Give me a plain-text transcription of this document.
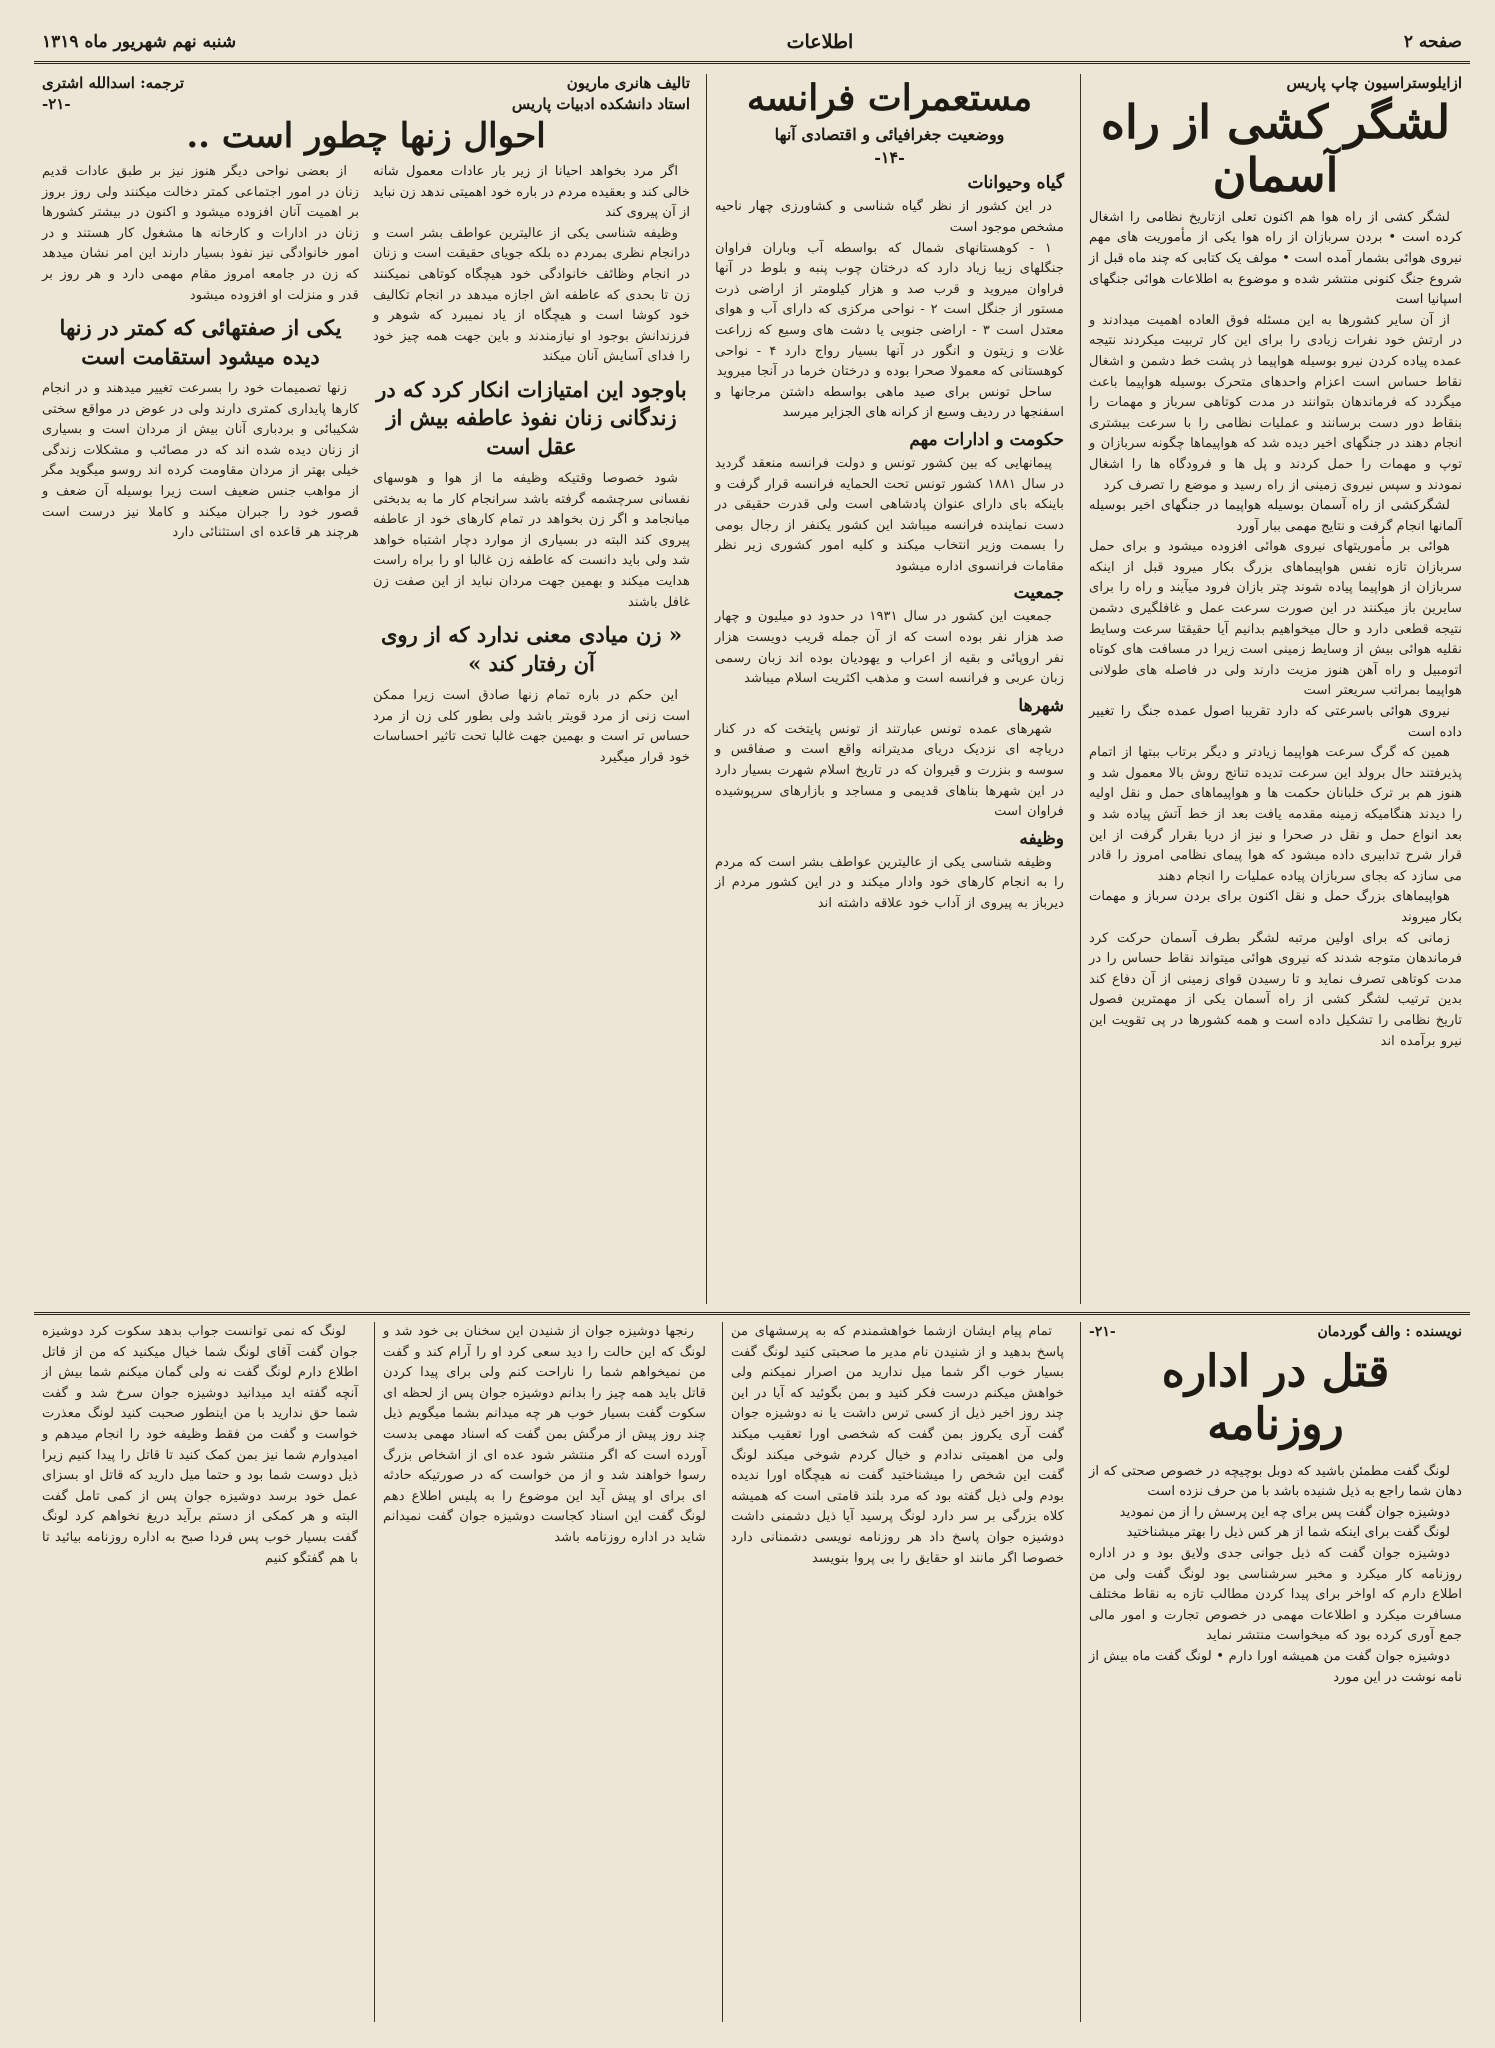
صفحه ۲
اطلاعات
شنبه نهم شهریور ماه ۱۳۱۹
ازایلوستراسیون چاپ پاریس
لشگر کشی از راه آسمان

لشگر کشی از راه هوا هم اکنون تعلی ازتاریخ نظامی را اشغال کرده است • بردن سربازان از راه هوا یکی از مأموریت های مهم نیروی هوائی بشمار آمده است • مولف یک کتابی که چند ماه قبل از شروع جنگ کنونی منتشر شده و موضوع به اطلاعات هوائی جنگهای اسپانیا است

از آن سایر کشورها به این مسئله فوق العاده اهمیت میدادند و در ارتش خود نفرات زیادی را برای این کار تربیت میکردند نتیجه عمده پیاده کردن نیرو بوسیله هواپیما ذر پشت خط دشمن و اشغال نقاط حساس است اعزام واحدهای متحرک بوسیله هواپیما باعث میگردد که فرماندهان بتوانند در مدت کوتاهی سرباز و مهمات را بنقاط دور دست برسانند و عملیات نظامی را با سرعت بیشتری انجام دهند در جنگهای اخیر دیده شد که هواپیماها چگونه سربازان و توپ و مهمات را حمل کردند و پل ها و فرودگاه ها را اشغال نمودند و سپس نیروی زمینی از راه رسید و موضع را تصرف کرد

لشگرکشی از راه آسمان بوسیله هواپیما در جنگهای اخیر بوسیله آلمانها انجام گرفت و نتایج مهمی ببار آورد

هوائی بر مأموریتهای نیروی هوائی افزوده میشود و برای حمل سربازان تازه نفس هواپیماهای بزرگ بکار میرود قبل از اینکه سربازان از هواپیما پیاده شوند چتر بازان فرود میآیند و راه را برای سایرین باز میکنند در این صورت سرعت عمل و غافلگیری دشمن نتیجه قطعی دارد و حال میخواهیم بدانیم آیا حقیقتا سرعت وسایط نقلیه هوائی بیش از وسایط زمینی است زیرا در مسافت های کوتاه اتومبیل و راه آهن هنوز مزیت دارند ولی در فاصله های طولانی هواپیما بمراتب سریعتر است

نیروی هوائی باسرعتی که دارد تقریبا اصول عمده جنگ را تغییر داده است

همین که گرگ سرعت هواپیما زیادتر و دیگر برتاب ببتها از اتمام پذیرفتند حال برولد این سرعت تدیده تناتج روش بالا معمول شد و هنوز هم بر ترک خلبانان حکمت ها و هواپیماهای حمل و نقل اولیه را دیدند هنگامیکه زمینه مقدمه یافت بعد از خط آتش پیاده شد و بعد انواع حمل و نقل در صحرا و نیز از دریا بقرار گرفت از این قرار شرح تدابیری داده میشود که هوا پیمای نظامی امروز را قادر می سازد که بجای سربازان پیاده عملیات را انجام دهند

هواپیماهای بزرگ حمل و نقل اکنون برای بردن سرباز و مهمات بکار میروند

زمانی که برای اولین مرتبه لشگر بطرف آسمان حرکت کرد فرماندهان متوجه شدند که نیروی هوائی میتواند نقاط حساس را در مدت کوتاهی تصرف نماید و تا رسیدن قوای زمینی از آن دفاع کند بدین ترتیب لشگر کشی از راه آسمان یکی از مهمترین فصول تاریخ نظامی را تشکیل داده است و همه کشورها در پی تقویت این نیرو برآمده اند
مستعمرات فرانسه
ووضعیت جغرافیائی و اقتصادی آنها
-۱۴-
گیاه وحیوانات

در این کشور از نظر گیاه شناسی و کشاورزی چهار ناحیه مشخص موجود است

۱ - کوهستانهای شمال که بواسطه آب وباران فراوان جنگلهای زیبا زیاد دارد که درختان چوب پنبه و بلوط در آنها فراوان میروید و قرب صد و هزار کیلومتر از اراضی ذرت مستور از جنگل است ۲ - نواحی مرکزی که دارای آب و هوای معتدل است ۳ - اراضی جنوبی یا دشت های وسیع که زراعت غلات و زیتون و انگور در آنها بسیار رواج دارد ۴ - نواحی کوهستانی که معمولا صحرا بوده و درختان خرما در آنجا میروید

ساحل تونس برای صید ماهی بواسطه داشتن مرجانها و اسفنجها در ردیف وسیع از کرانه های الجزایر میرسد

حکومت و ادارات مهم
پیمانهایی که بین کشور تونس و دولت فرانسه منعقد گردید در سال ۱۸۸۱ کشور تونس تحت الحمایه فرانسه قرار گرفت و باینکه بای دارای عنوان پادشاهی است ولی قدرت حقیقی در دست نماینده فرانسه میباشد این کشور یکنفر از رجال بومی را بسمت وزیر انتخاب میکند و کلیه امور کشوری زیر نظر مقامات فرانسوی اداره میشود
جمعیت
جمعیت این کشور در سال ۱۹۳۱ در حدود دو میلیون و چهار صد هزار نفر بوده است که از آن جمله قریب دویست هزار نفر اروپائی و بقیه از اعراب و یهودیان بوده اند زبان رسمی زبان عربی و فرانسه است و مذهب اکثریت اسلام میباشد
شهرها
شهرهای عمده تونس عبارتند از تونس پایتخت که در کنار دریاچه ای نزدیک دریای مدیترانه واقع است و صفاقس و سوسه و بنزرت و قیروان که در تاریخ اسلام شهرت بسیار دارد در این شهرها بناهای قدیمی و مساجد و بازارهای سرپوشیده فراوان است
وظیفه
وظیفه شناسی یکی از عالیترین عواطف بشر است که مردم را به انجام کارهای خود وادار میکند و در این کشور مردم از دیرباز به پیروی از آداب خود علاقه داشته اند
تالیف هانری ماریون
ترجمه: اسدالله اشتری
استاد دانشکده ادبیات پاریس
-۲۱-
احوال زنها چطور است ..

اگر مرد بخواهد احیانا از زیر بار عادات معمول شانه خالی کند و بعقیده مردم در باره خود اهمیتی ندهد زن نباید از آن پیروی کند

وظیفه شناسی یکی از عالیترین عواطف بشر است و درانجام نظری بمردم ده بلکه جویای حقیقت است و زنان در انجام وظائف خانوادگی خود هیچگاه کوتاهی نمیکنند زن تا بحدی که عاطفه اش اجازه میدهد در انجام تکالیف خود کوشا است و هیچگاه از یاد نمیبرد که شوهر و فرزندانش بوجود او نیازمندند و باین جهت همه چیز خود را فدای آسایش آنان میکند
باوجود این امتیازات انکار کرد که در زندگانی زنان نفوذ عاطفه بیش از عقل است
شود خصوصا وقتیکه وظیفه ما از هوا و هوسهای نفسانی سرچشمه گرفته باشد سرانجام کار ما به بدبختی میانجامد و اگر زن بخواهد در تمام کارهای خود از عاطفه پیروی کند البته در بسیاری از موارد دچار اشتباه خواهد شد ولی باید دانست که عاطفه زن غالبا او را براه راست هدایت میکند و بهمین جهت مردان نباید از این صفت زن غافل باشند
« زن میادی معنی ندارد که از روی آن رفتار کند »
این حکم در باره تمام زنها صادق است زیرا ممکن است زنی از مرد قویتر باشد ولی بطور کلی زن از مرد حساس تر است و بهمین جهت غالبا تحت تاثیر احساسات خود قرار میگیرد
از بعضی نواحی دیگر هنوز نیز بر طبق عادات قدیم زنان در امور اجتماعی کمتر دخالت میکنند ولی روز بروز بر اهمیت آنان افزوده میشود و اکنون در بیشتر کشورها زنان در ادارات و کارخانه ها مشغول کار هستند و در امور خانوادگی نیز نفوذ بسیار دارند این امر نشان میدهد که زن در جامعه امروز مقام مهمی دارد و هر روز بر قدر و منزلت او افزوده میشود
یکی از صفتهائی که کمتر در زنها دیده میشود استقامت است
زنها تصمیمات خود را بسرعت تغییر میدهند و در انجام کارها پایداری کمتری دارند ولی در عوض در مواقع سختی شکیبائی و بردباری آنان بیش از مردان است و بسیاری از زنان دیده شده اند که در مصائب و مشکلات زندگی خیلی بهتر از مردان مقاومت کرده اند روسو میگوید مگر از مواهب جنس ضعیف است زیرا بوسیله آن ضعف و قصور خود را جبران میکند و کاملا نیز درست است هرچند هر قاعده ای استثنائی دارد
نویسنده : والف گوردمان
-۲۱-
قتل در اداره روزنامه

لونگ گفت مطمئن باشید که دوبل بوچیچه در خصوص صحتی که از دهان شما راجع به ذیل شنیده باشد با من حرف نزده است

دوشیزه جوان گفت پس برای چه این پرسش را از من نمودید

لونگ گفت برای اینکه شما از هر کس ذیل را بهتر میشناختید

دوشیزه جوان گفت که ذیل جوانی جدی ولایق بود و در اداره روزنامه کار میکرد و مخبر سرشناسی بود لونگ گفت ولی من اطلاع دارم که اواخر برای پیدا کردن مطالب تازه به نقاط مختلف مسافرت میکرد و اطلاعات مهمی در خصوص تجارت و امور مالی جمع آوری کرده بود که میخواست منتشر نماید

دوشیزه جوان گفت من همیشه اورا دارم • لونگ گفت ماه بیش از نامه نوشت در این مورد

تمام پیام ایشان ازشما خواهشمندم که به پرسشهای من پاسخ بدهید و از شنیدن نام مدیر ما صحبتی کنید لونگ گفت بسیار خوب اگر شما میل ندارید من اصرار نمیکنم ولی خواهش میکنم درست فکر کنید و بمن بگوئید که آیا در این چند روز اخیر ذیل از کسی ترس داشت یا نه دوشیزه جوان گفت آری یکروز بمن گفت که شخصی اورا تعقیب میکند ولی من اهمیتی ندادم و خیال کردم شوخی میکند لونگ گفت این شخص را میشناختید گفت نه هیچگاه اورا ندیده بودم ولی ذیل گفته بود که مرد بلند قامتی است که همیشه کلاه بزرگی بر سر دارد لونگ پرسید آیا ذیل دشمنی داشت دوشیزه جوان پاسخ داد هر روزنامه نویسی دشمنانی دارد خصوصا اگر مانند او حقایق را بی پروا بنویسد
رنجها دوشیزه جوان از شنیدن این سخنان بی خود شد و لونگ که این حالت را دید سعی کرد او را آرام کند و گفت من نمیخواهم شما را ناراحت کنم ولی برای پیدا کردن قاتل باید همه چیز را بدانم دوشیزه جوان پس از لحظه ای سکوت گفت بسیار خوب هر چه میدانم بشما میگویم ذیل چند روز پیش از مرگش بمن گفت که اسناد مهمی بدست آورده است که اگر منتشر شود عده ای از اشخاص بزرگ رسوا خواهند شد و از من خواست که در صورتیکه حادثه ای برای او پیش آید این موضوع را به پلیس اطلاع دهم لونگ گفت این اسناد کجاست دوشیزه جوان گفت نمیدانم شاید در اداره روزنامه باشد
لونگ که نمی توانست جواب بدهد سکوت کرد دوشیزه جوان گفت آقای لونگ شما خیال میکنید که من از قاتل اطلاع دارم لونگ گفت نه ولی گمان میکنم شما بیش از آنچه گفته اید میدانید دوشیزه جوان سرخ شد و گفت شما حق ندارید با من اینطور صحبت کنید لونگ معذرت خواست و گفت من فقط وظیفه خود را انجام میدهم و امیدوارم شما نیز بمن کمک کنید تا قاتل را پیدا کنیم زیرا ذیل دوست شما بود و حتما میل دارید که قاتل او بسزای عمل خود برسد دوشیزه جوان پس از کمی تامل گفت البته و هر کمکی از دستم برآید دریغ نخواهم کرد لونگ گفت بسیار خوب پس فردا صبح به اداره روزنامه بیائید تا با هم گفتگو کنیم
